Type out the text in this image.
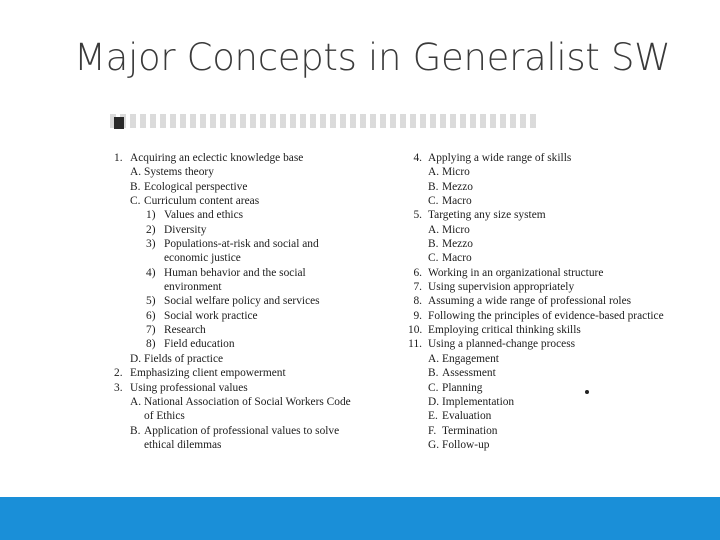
Major Concepts in Generalist SW
1. Acquiring an eclectic knowledge base
A. Systems theory
B. Ecological perspective
C. Curriculum content areas
1) Values and ethics
2) Diversity
3) Populations-at-risk and social and
economic justice
4) Human behavior and the social
environment
5) Social welfare policy and services
6) Social work practice
7) Research
8) Field education
D. Fields of practice
2. Emphasizing client empowerment
3. Using professional values
A. National Association of Social Workers Code
of Ethics
B. Application of professional values to solve
ethical dilemmas
4. Applying a wide range of skills
A. Micro
B. Mezzo
C. Macro
5. Targeting any size system
A. Micro
B. Mezzo
C. Macro
6. Working in an organizational structure
7. Using supervision appropriately
8. Assuming a wide range of professional roles
9. Following the principles of evidence-based practice
10. Employing critical thinking skills
11. Using a planned-change process
A. Engagement
B. Assessment
C. Planning
D. Implementation
E. Evaluation
F. Termination
G. Follow-up
